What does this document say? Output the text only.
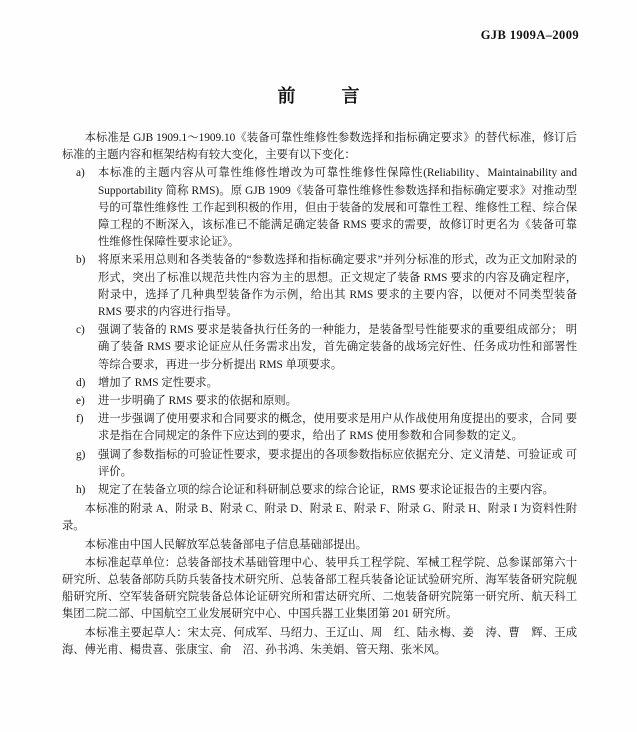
GJB 1909A–2009
前　言

本标准是 GJB 1909.1～1909.10《装备可靠性维修性参数选择和指标确定要求》的替代标准，修订后标准的主题内容和框架结构有较大变化，主要有以下变化：

a)	本标准的主题内容从可靠性维修性增改为可靠性维修性保障性(Reliability、Maintainability and Supportability 简称 RMS)。原 GJB 1909《装备可靠性维修性参数选择和指标确定要求》对推动型号的可靠性维修性 工作起到积极的作用，但由于装备的发展和可靠性工程、维修性工程、综合保障工程的不断深入，该标准已不能满足确定装备 RMS 要求的需要，故修订时更名为《装备可靠性维修性保障性要求论证》。
b)	将原来采用总则和各类装备的“参数选择和指标确定要求”并列分标准的形式，改为正文加附录的形式，突出了标准以规范共性内容为主的思想。正文规定了装备 RMS 要求的内容及确定程序，附录中，选择了几种典型装备作为示例，给出其 RMS 要求的主要内容，以便对不同类型装备 RMS 要求的内容进行指导。
c)	强调了装备的 RMS 要求是装备执行任务的一种能力，是装备型号性能要求的重要组成部分； 明确了装备 RMS 要求论证应从任务需求出发，首先确定装备的战场完好性、任务成功性和部署性等综合要求，再进一步分析提出 RMS 单项要求。
d)	增加了 RMS 定性要求。
e)	进一步明确了 RMS 要求的依据和原则。
f)	进一步强调了使用要求和合同要求的概念，使用要求是用户从作战使用角度提出的要求，合同 要求是指在合同规定的条件下应达到的要求，给出了 RMS 使用参数和合同参数的定义。
g)	强调了参数指标的可验证性要求，要求提出的各项参数指标应依据充分、定义清楚、可验证或 可评价。
h)	规定了在装备立项的综合论证和科研制总要求的综合论证，RMS 要求论证报告的主要内容。

本标准的附录 A、附录 B、附录 C、附录 D、附录 E、附录 F、附录 G、附录 H、附录 I 为资料性附录。

本标准由中国人民解放军总装备部电子信息基础部提出。

本标准起草单位：总装备部技术基础管理中心、装甲兵工程学院、军械工程学院、总参谋部第六十研究所、总装备部防兵防兵装备技术研究所、总装备部工程兵装备论证试验研究所、海军装备研究院舰船研究所、空军装备研究院装备总体论证研究所和雷达研究所、二炮装备研究院第一研究所、航天科工集团二院二部、中国航空工业发展研究中心、中国兵器工业集团第 201 研究所。

本标准主要起草人：宋太亮、何成军、马绍力、王辽山、周　红、陆永梅、姜　涛、曹　辉、王成海、傅光甫、楊贵喜、张康宝、俞　沼、孙书鸿、朱美娟、管天翔、张米风。
